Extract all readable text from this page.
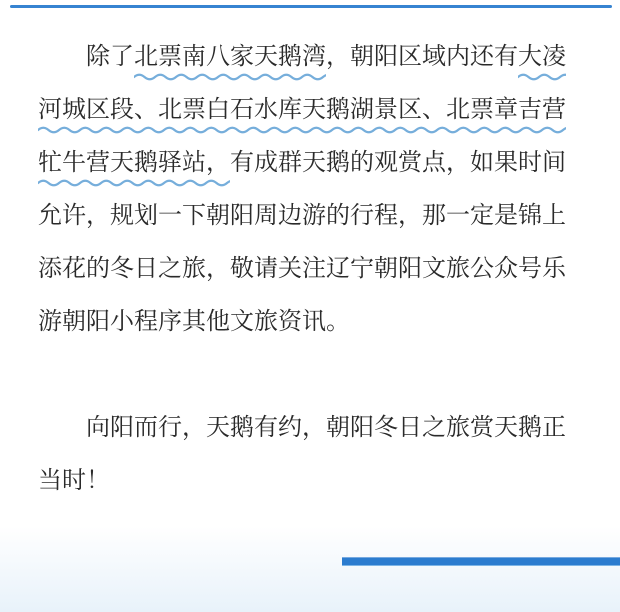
除了北票南八家天鹅湾
，朝阳区域内还有大凌
河城区段、北票白石水库天鹅湖景区、北票章吉营
牤牛营天鹅驿站，
有成群天鹅的观赏点，如果时间
允许，规划一下朝阳周边游的行程，那一定是锦上
添花的冬日之旅，敬请关注辽宁朝阳文旅公众号乐
游朝阳小程序其他文旅资讯。
向阳而行，天鹅有约，朝阳冬日之旅赏天鹅正
当时！
